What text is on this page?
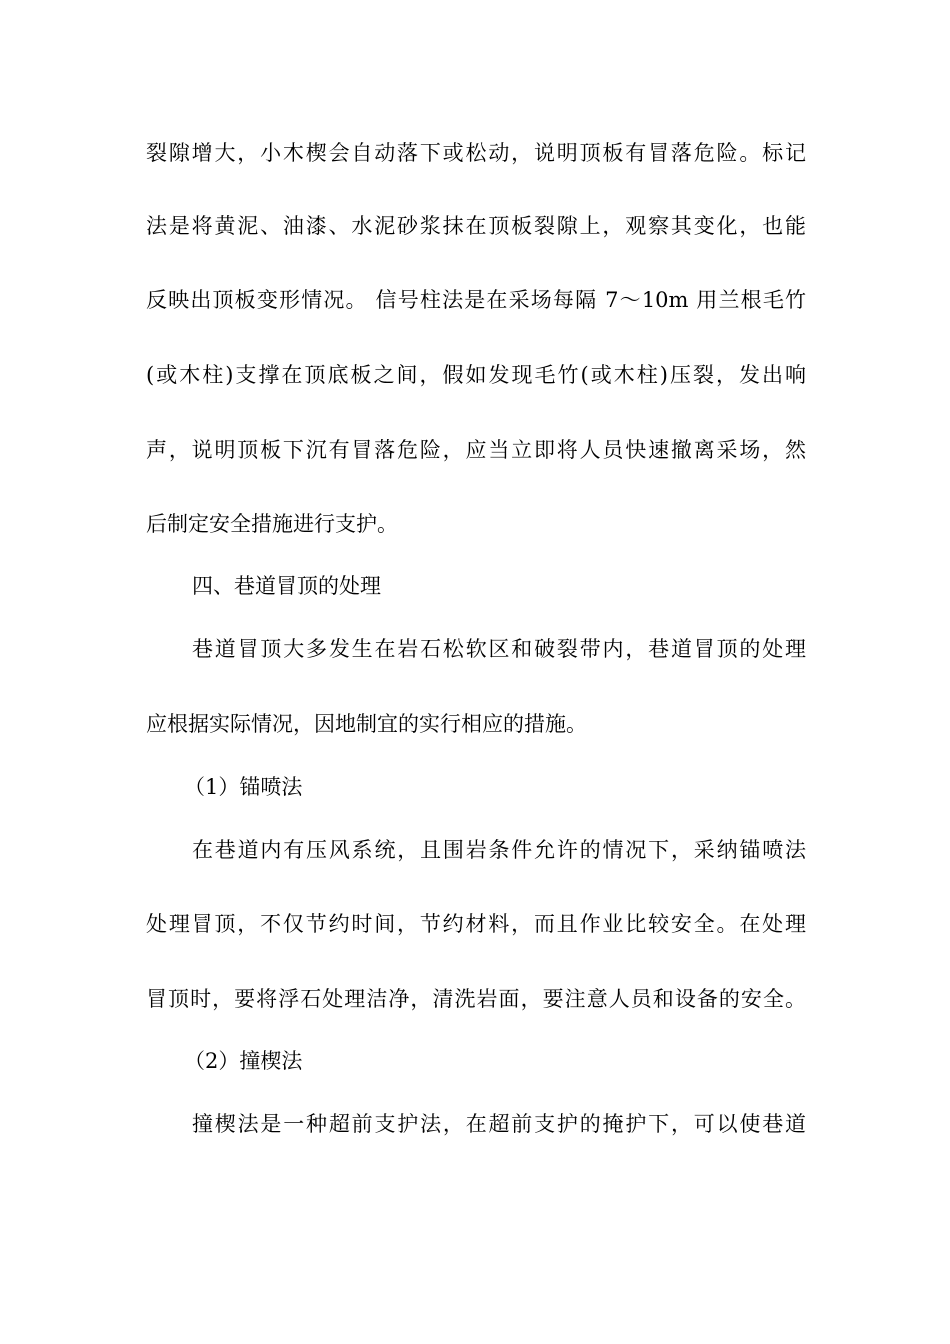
裂隙增大，小木楔会自动落下或松动，说明顶板有冒落危险。标记
法是将黄泥、油漆、水泥砂浆抹在顶板裂隙上，观察其变化，也能
反映出顶板变形情况。 信号柱法是在采场每隔 7～10m 用兰根毛竹
(或木柱)支撑在顶底板之间，假如发现毛竹(或木柱)压裂，发出响
声，说明顶板下沉有冒落危险，应当立即将人员快速撤离采场，然
后制定安全措施进行支护。
四、巷道冒顶的处理
巷道冒顶大多发生在岩石松软区和破裂带内，巷道冒顶的处理
应根据实际情况，因地制宜的实行相应的措施。
（1）锚喷法
在巷道内有压风系统，且围岩条件允许的情况下，采纳锚喷法
处理冒顶，不仅节约时间，节约材料，而且作业比较安全。在处理
冒顶时，要将浮石处理洁净，清洗岩面，要注意人员和设备的安全。
（2）撞楔法
撞楔法是一种超前支护法，在超前支护的掩护下，可以使巷道
